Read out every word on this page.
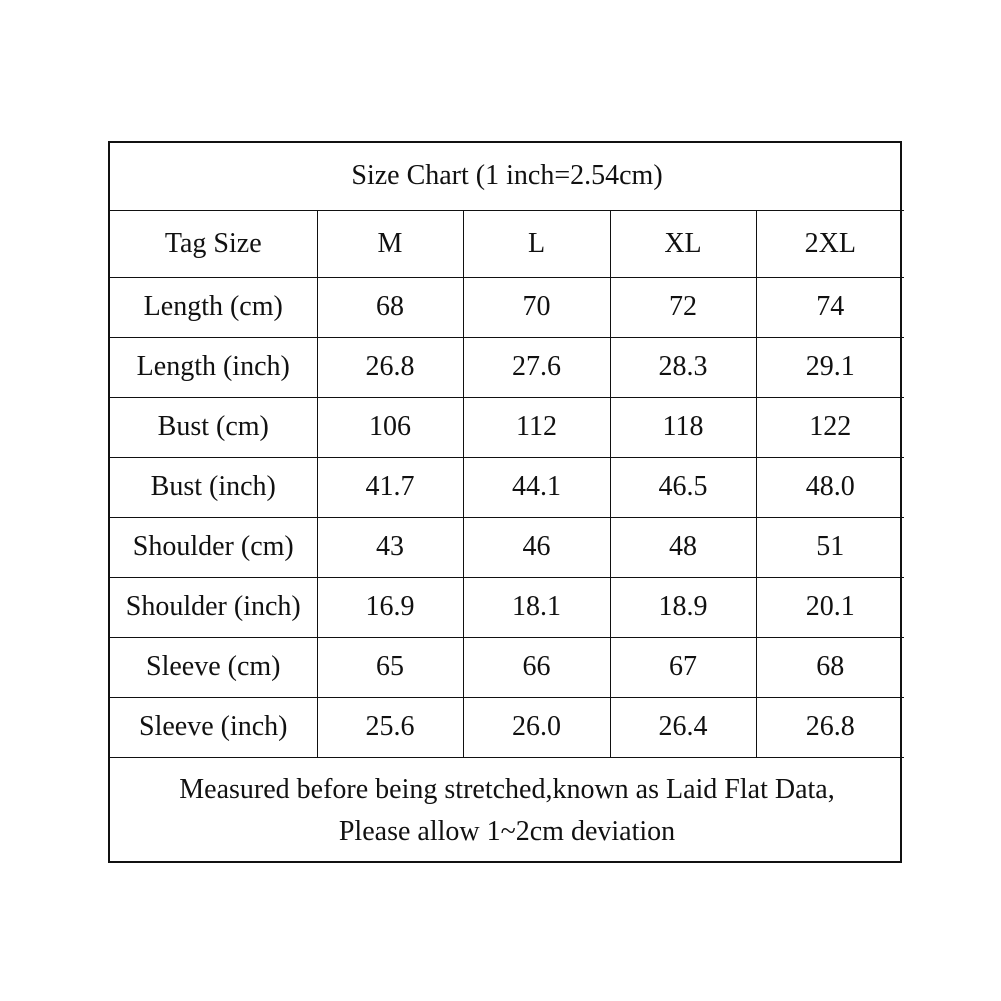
Size Chart (1 inch=2.54cm)				
Tag Size	M	L	XL	2XL
Length (cm)	68	70	72	74
Length (inch)	26.8	27.6	28.3	29.1
Bust (cm)	106	112	118	122
Bust (inch)	41.7	44.1	46.5	48.0
Shoulder (cm)	43	46	48	51
Shoulder (inch)	16.9	18.1	18.9	20.1
Sleeve (cm)	65	66	67	68
Sleeve (inch)	25.6	26.0	26.4	26.8

Measured before being stretched,known as Laid Flat Data,
Please allow 1~2cm deviation				
